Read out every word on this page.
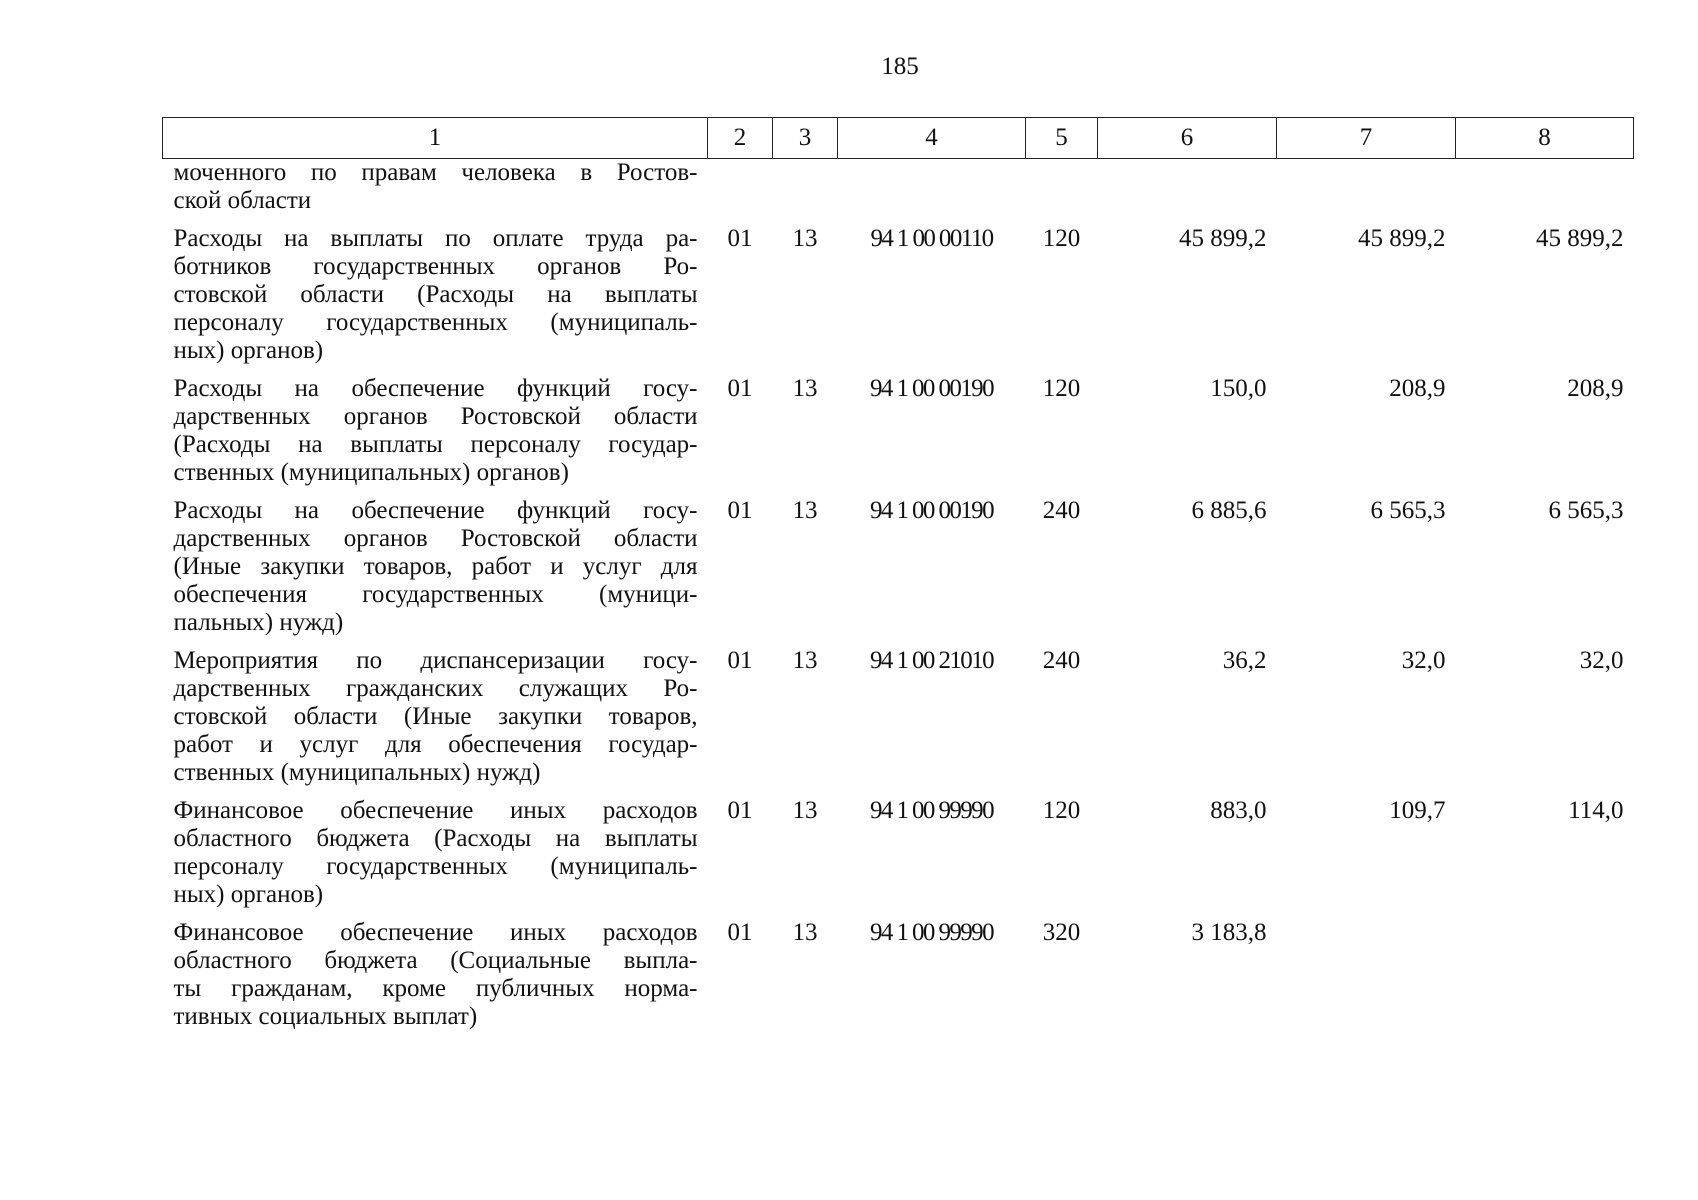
185
1	2	3	4	5	6	7	8

моченного по правам человека в Ростов-
ской области							

Расходы на выплаты по оплате труда ра-
ботников государственных органов Ро-
стовской области (Расходы на выплаты
персоналу государственных (муниципаль-
ных) органов)	01	13	94 1 00 00110	120	45 899,2	45 899,2	45 899,2

Расходы на обеспечение функций госу-
дарственных органов Ростовской области
(Расходы на выплаты персоналу государ-
ственных (муниципальных) органов)	01	13	94 1 00 00190	120	150,0	208,9	208,9

Расходы на обеспечение функций госу-
дарственных органов Ростовской области
(Иные закупки товаров, работ и услуг для
обеспечения государственных (муници-
пальных) нужд)	01	13	94 1 00 00190	240	6 885,6	6 565,3	6 565,3

Мероприятия по диспансеризации госу-
дарственных гражданских служащих Ро-
стовской области (Иные закупки товаров,
работ и услуг для обеспечения государ-
ственных (муниципальных) нужд)	01	13	94 1 00 21010	240	36,2	32,0	32,0

Финансовое обеспечение иных расходов
областного бюджета (Расходы на выплаты
персоналу государственных (муниципаль-
ных) органов)	01	13	94 1 00 99990	120	883,0	109,7	114,0

Финансовое обеспечение иных расходов
областного бюджета (Социальные выпла-
ты гражданам, кроме публичных норма-
тивных социальных выплат)	01	13	94 1 00 99990	320	3 183,8		
